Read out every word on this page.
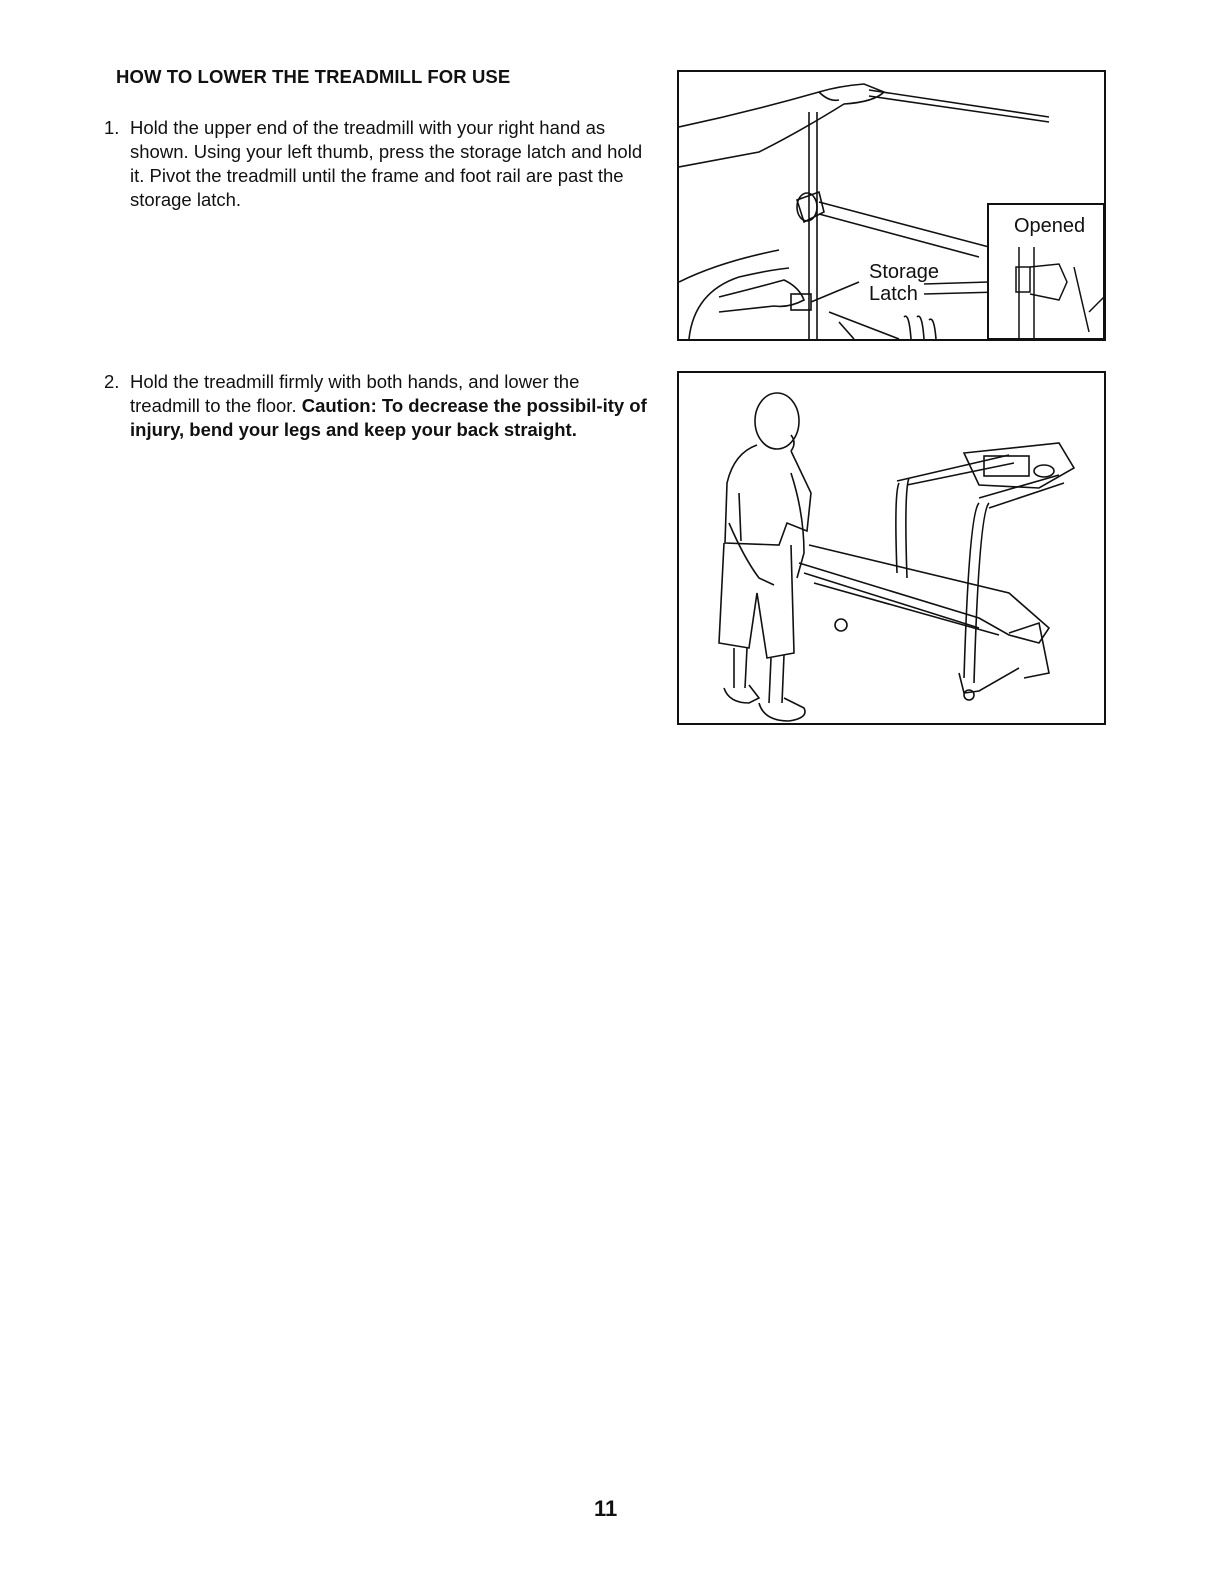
HOW TO LOWER THE TREADMILL FOR USE
1. Hold the upper end of the treadmill with your right hand as shown. Using your left thumb, press the storage latch and hold it. Pivot the treadmill until the frame and foot rail are past the storage latch.
2. Hold the treadmill firmly with both hands, and lower the treadmill to the floor. Caution: To decrease the possibil-ity of injury, bend your legs and keep your back straight.
Opened
Storage
Latch
11
